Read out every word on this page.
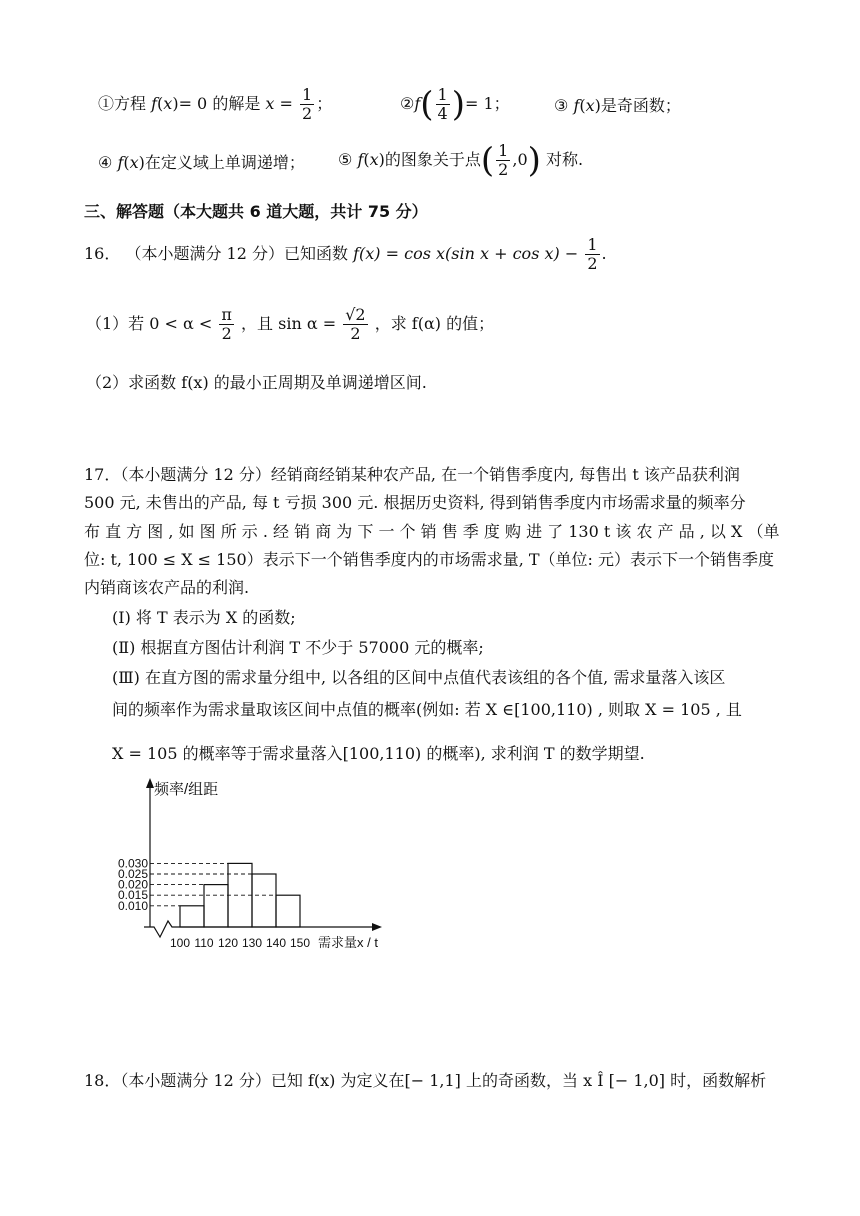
①方程 f(x)= 0 的解是 $x = \frac{1}{2}$ ；	②f( $\frac{1}{4}$ )= 1；	③ f(x)是奇函数；
④ f(x)在定义域上单调递增； ⑤ f(x)的图象关于点( $\frac{1}{2} ,0$) 对称.
三、解答题（本大题共 6 道大题，共计 75 分）
16． （本小题满分 12 分）已知函数 f(x) = cos x(sin $x + \cos x) - \frac{1}{2}$ .
（1）若 $0 < \alpha < \frac{\pi}{2}$ ，且 $\sin \alpha = \frac{√2}{2}$ ，求 f(α) 的值；
（2）求函数 f(x) 的最小正周期及单调递增区间.
17．（本小题满分 12 分）经销商经销某种农产品, 在一个销售季度内, 每售出 t 该产品获利润
500 元, 未售出的产品, 每 t 亏损 300 元. 根据历史资料, 得到销售季度内市场需求量的频率分
布 直 方 图 , 如 图 所 示 . 经 销 商 为 下 一 个 销 售 季 度 购 进 了 130 t 该 农 产 品 , 以 X （单
位: t, 100 ≤ X ≤ 150）表示下一个销售季度内的市场需求量, T（单位: 元）表示下一个销售季度
内销商该农产品的利润.
(Ⅰ) 将 T 表示为 X 的函数;
(Ⅱ) 根据直方图估计利润 T 不少于 57000 元的概率;
(Ⅲ) 在直方图的需求量分组中, 以各组的区间中点值代表该组的各个值, 需求量落入该区
间的频率作为需求量取该区间中点值的概率(例如: 若 X ∈[100,110) , 则取 X = 105 , 且
X = 105 的概率等于需求量落入[100,110) 的概率), 求利润 T 的数学期望.
频率/组距
0.030
0.025
0.020
0.015
0.010
100 110 120 130 140 150 需求量x / t
18．（本小题满分 12 分）已知 f(x) 为定义在[− 1,1] 上的奇函数，当 x Î [− 1,0] 时，函数解析
